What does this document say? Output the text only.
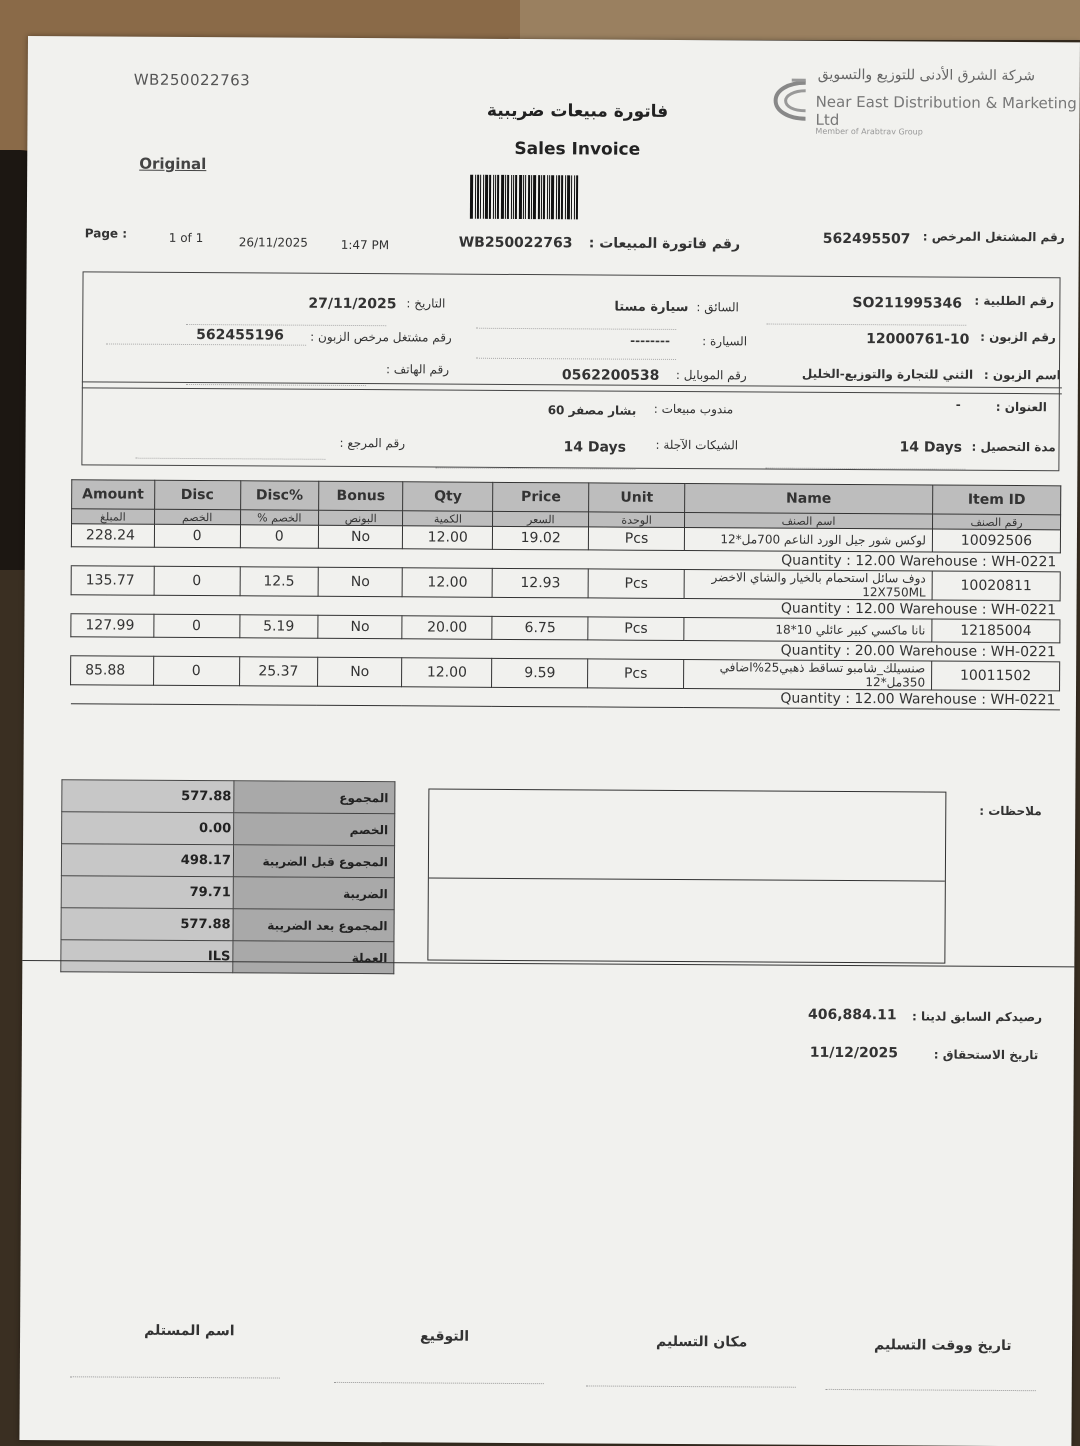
WB250022763
فاتورة مبيعات ضريبية
Sales Invoice
Original
شركة الشرق الأدنى للتوزيع والتسويق
Near East Distribution & Marketing Ltd
Member of Arabtrav Group
Page :	1 of 1	26/11/2025	1:47 PM	WB250022763 رقم فاتورة المبيعات :	562495507 رقم المشتغل المرخص :
SO211995346 رقم الطلبية :
سيارة مستا السائق :
27/11/2025 التاريخ :
12000761-10 رقم الزبون :
--------	السيارة :
562455196 رقم مشتغل مرخص الزبون :
الثني للتجارة والتوزيع-الخليل اسم الزبون :
0562200538 رقم الموبايل :
رقم الهاتف :
-	العنوان :
بشار مصفر 60 مندوب مبيعات :
14 Days مدة التحصيل :
14 Days الشيكات الآجلة :
رقم المرجع :
Amount	Disc	Disc%	Bonus	Qty	Price	Unit	Name	Item ID
المبلغ	الخصم	% الخصم	البونص	الكمية	السعر	الوحدة	اسم الصنف	رقم الصنف
228.24	0	0	No	12.00	19.02	Pcs	لوكس شور جيل الورد الناعم 700مل*12	10092506
Quantity : 12.00 Warehouse : WH-0221								
135.77	0	12.5	No	12.00	12.93	Pcs	دوف سائل استحمام بالخيار والشاي الاخضر 12X750ML	10020811
Quantity : 12.00 Warehouse : WH-0221								
127.99	0	5.19	No	20.00	6.75	Pcs	نانا ماكسي كبير عائلي 10*18	12185004
Quantity : 20.00 Warehouse : WH-0221								
85.88	0	25.37	No	12.00	9.59	Pcs	صنسيلك_شامبو تساقط ذهبي25%اضافي 350مل*12	10011502
Quantity : 12.00 Warehouse : WH-0221								
577.88	المجموع
0.00	الخصم
498.17	المجموع قبل الضريبة
79.71	الضريبة
577.88	المجموع بعد الضريبة
ILS	العملة
ملاحظات :
406,884.11 رصيدكم السابق لدينا :
11/12/2025	تاريخ الاستحقاق :
اسم المستلم	التوقيع	مكان التسليم	تاريخ ووقت التسليم
